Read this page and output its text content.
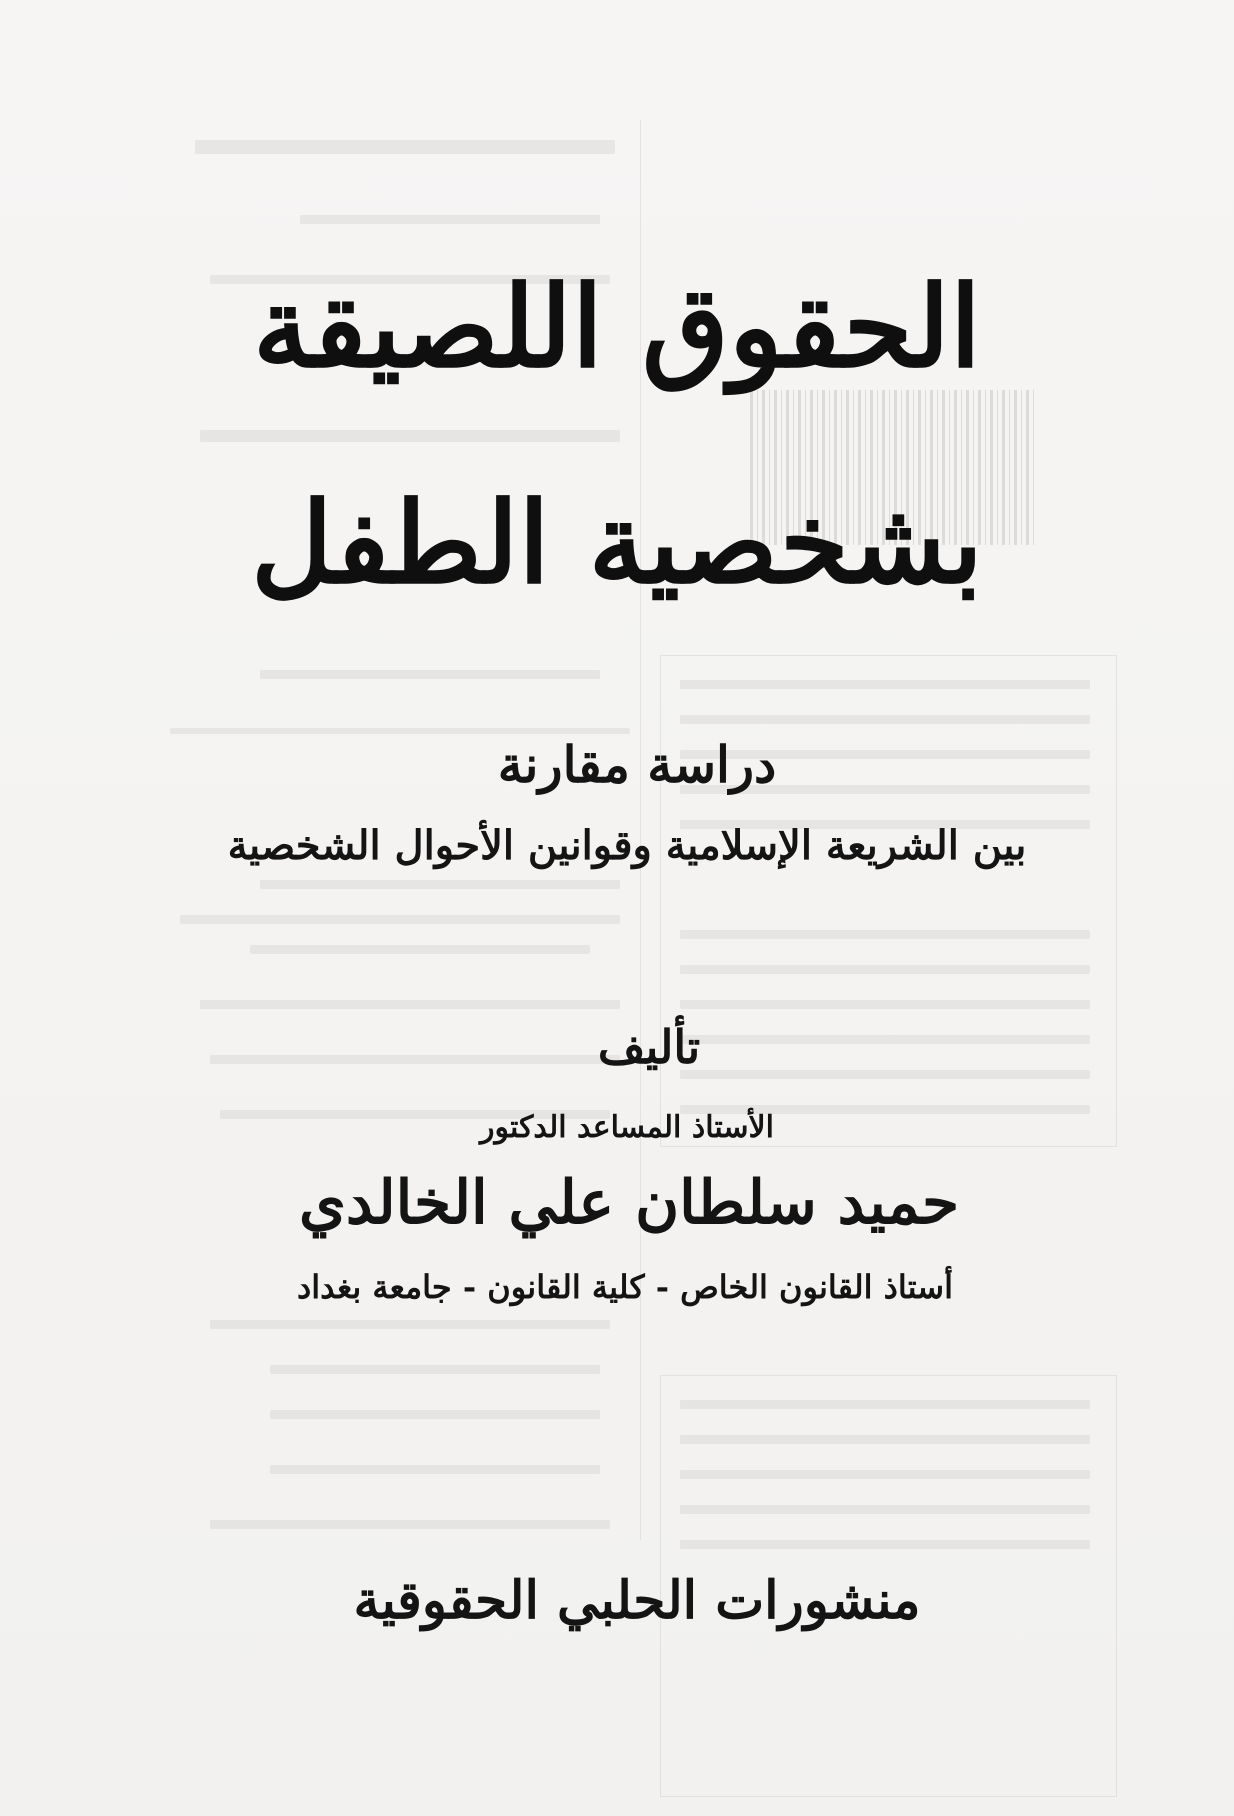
الحقوق اللصيقة
بشخصية الطفل
دراسة مقارنة
بين الشريعة الإسلامية وقوانين الأحوال الشخصية
تأليف
الأستاذ المساعد الدكتور
حميد سلطان علي الخالدي
أستاذ القانون الخاص - كلية القانون - جامعة بغداد
منشورات الحلبي الحقوقية
